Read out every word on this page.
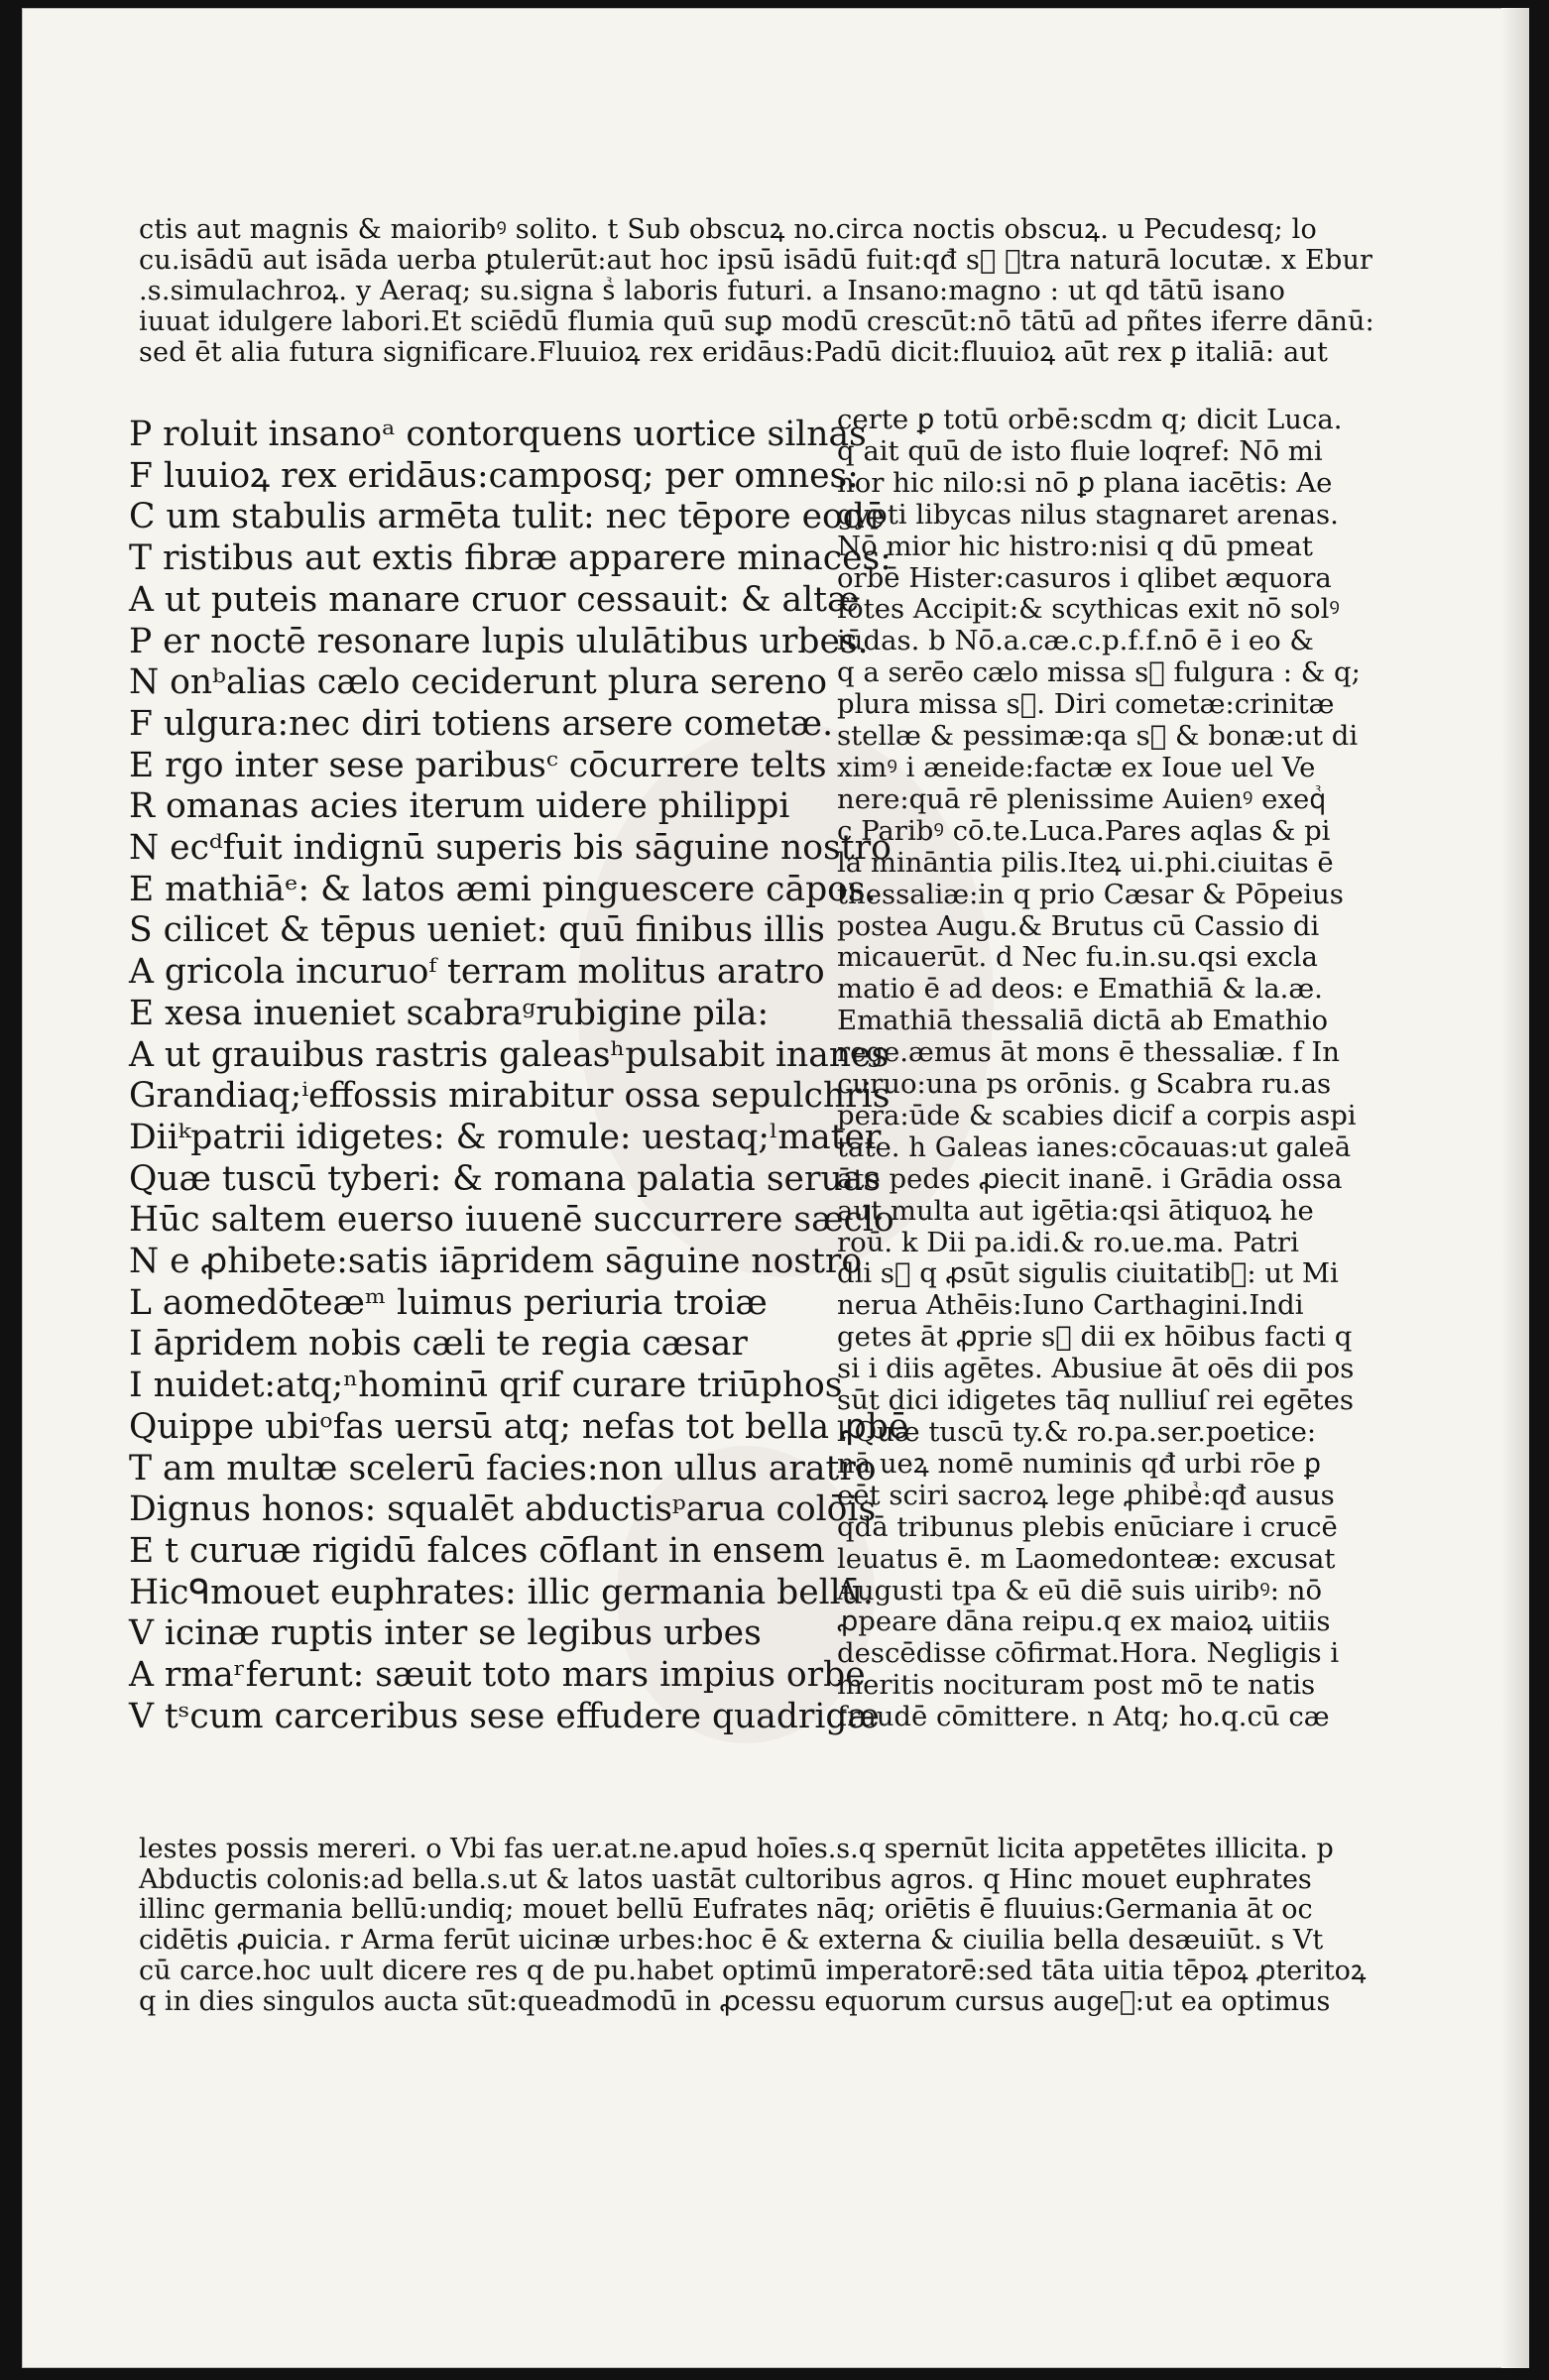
ctis aut magnis & maioribꝰ solito. t Sub obscuꝝ no.circa noctis obscuꝝ. u Pecudesq; lo
cu.isādū aut isāda uerba ꝑtulerūt:aut hoc ipsū isādū fuit:qđ sᷣ ꝯtra naturā locutæ. x Ebur
.s.simulachroꝝ. y Aeraq; su.signa sᷣ laboris futuri. a Insano:magno : ut qd tātū isano
iuuat idulgere labori.Et sciēdū flumia quū suꝑ modū crescūt:nō tātū ad pñtes iferre dānū:
sed ēt alia futura significare.Fluuioꝝ rex eridāus:Padū dicit:fluuioꝝ aūt rex ꝑ italiā: aut
P roluit insanoᵃ contorquens uortice silnas
F luuioꝝ rex eridāus:camposq; per omnes:
C um stabulis armēta tulit: nec tēpore eodē
T ristibus aut extis fibræ apparere minaces:
A ut puteis manare cruor cessauit: & altæ
P er noctē resonare lupis ululātibus urbes.
N onᵇalias cælo ceciderunt plura sereno
F ulgura:nec diri totiens arsere cometæ.
E rgo inter sese paribusᶜ cōcurrere telts
R omanas acies iterum uidere philippi
N ecᵈfuit indignū superis bis sāguine nostro
E mathiāᵉ: & latos æmi pinguescere cāpos.
S cilicet & tēpus ueniet: quū finibus illis
A gricola incuruoᶠ terram molitus aratro
E xesa inueniet scabraᵍrubigine pila:
A ut grauibus rastris galeasʰpulsabit inanes
Grandiaq;ⁱeffossis mirabitur ossa sepulchris
Diiᵏpatrii idigetes: & romule: uestaq;ˡmater
Quæ tuscū tyberi: & romana palatia seruas
Hūc saltem euerso iuuenē succurrere sæclo
N e ꝓhibete:satis iāpridem sāguine nostro
L aomedōteæᵐ luimus periuria troiæ
I āpridem nobis cæli te regia cæsar
I nuidet:atq;ⁿhominū qrif curare triūphos
Quippe ubiᵒfas uersū atq; nefas tot bella ꝓbē
T am multæ scelerū facies:non ullus aratro
Dignus honos: squalēt abductisᵖarua colōis
E t curuæ rigidū falces cōflant in ensem
Hicᑫmouet euphrates: illic germania bellū.
V icinæ ruptis inter se legibus urbes
A rmaʳferunt: sæuit toto mars impius orbe
V tˢcum carceribus sese effudere quadrigæ
certe ꝑ totū orbē:scdm q; dicit Luca.
q ait quū de isto fluie loqref: Nō mi
nor hic nilo:si nō ꝑ plana iacētis: Ae
gypti libycas nilus stagnaret arenas.
Nō mior hic histro:nisi q dū pmeat
orbē Hister:casuros i qlibet æquora
fōtes Accipit:& scythicas exit nō solꝰ
iūdas. b Nō.a.cæ.c.p.f.f.nō ē i eo &
q a serēo cælo missa sᷣ fulgura : & q;
plura missa sᷣ. Diri cometæ:crinitæ
stellæ & pessimæ:qa sᷣ & bonæ:ut di
ximꝰ i æneide:factæ ex Ioue uel Ve
nere:quā rē plenissime Auienꝰ exeqᷣ
c Paribꝰ cō.te.Luca.Pares aqlas & pi
la mināntia pilis.Iteꝝ ui.phi.ciuitas ē
thessaliæ:in q prio Cæsar & Pōpeius
postea Augu.& Brutus cū Cassio di
micauerūt. d Nec fu.in.su.qsi excla
matio ē ad deos: e Emathiā & la.æ.
Emathiā thessaliā dictā ab Emathio
rege.æmus āt mons ē thessaliæ. f In
curuo:una ps orōnis. g Scabra ru.as
pera:ūde & scabies dicif a corpis aspi
tate. h Galeas ianes:cōcauas:ut galeā
āte pedes ꝓiecit inanē. i Grādia ossa
aut multa aut igētia:qsi ātiquoꝝ he
roū. k Dii pa.idi.& ro.ue.ma. Patri
dii sᷣ q ꝓsūt sigulis ciuitatibꝰ: ut Mi
nerua Athēis:Iuno Carthagini.Indi
getes āt ꝓprie sᷣ dii ex hōibus facti q
si i diis agētes. Abusiue āt oēs dii pos
sūt dici idigetes tāq nulliuſ rei egētes
l Quæ tuscū ty.& ro.pa.ser.poetice:
nā ueꝝ nomē numinis qđ urbi rōe ꝑ
eēt sciri sacroꝝ lege ꝓhibeᷣ:qđ ausus
qdā tribunus plebis enūciare i crucē
leuatus ē. m Laomedonteæ: excusat
Augusti tpa & eū diē suis uiribꝰ: nō
ꝓpeare dāna reipu.q ex maioꝝ uitiis
descēdisse cōfirmat.Hora. Negligis i
meritis nocituram post mō te natis
fraudē cōmittere. n Atq; ho.q.cū cæ
lestes possis mereri. o Vbi fas uer.at.ne.apud hoīes.s.q spernūt licita appetētes illicita. p
Abductis colonis:ad bella.s.ut & latos uastāt cultoribus agros. q Hinc mouet euphrates
illinc germania bellū:undiq; mouet bellū Eufrates nāq; oriētis ē fluuius:Germania āt oc
cidētis ꝓuicia. r Arma ferūt uicinæ urbes:hoc ē & externa & ciuilia bella desæuiūt. s Vt
cū carce.hoc uult dicere res q de pu.habet optimū imperatorē:sed tāta uitia tēpoꝝ ꝓteritoꝝ
q in dies singulos aucta sūt:queadmodū in ꝓcessu equorum cursus augeᷣ:ut ea optimus
